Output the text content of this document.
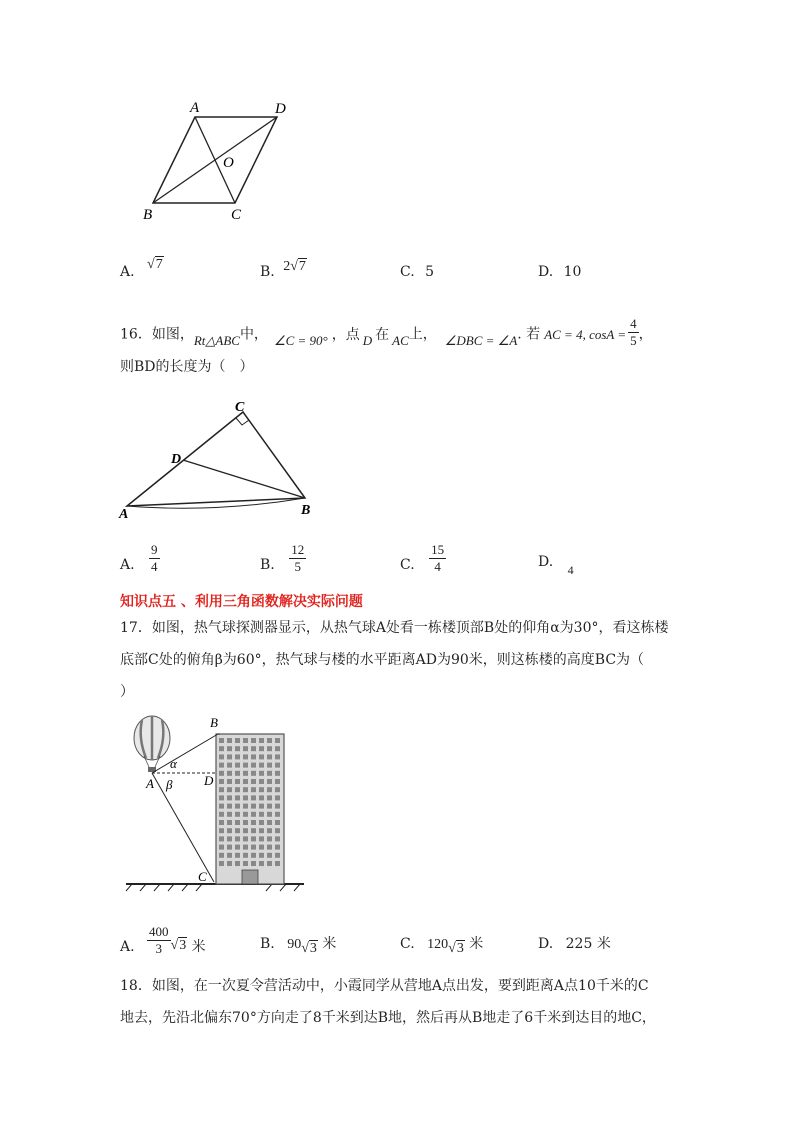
A	D
O
B	C
A. √7	B. 2√7	C. 5	D. 10
16．如图，Rt△ABC中， ∠C = 90° ，点 D 在 AC上， ∠DBC = ∠A. 若 AC = 4, $\cos A = \frac{4}{5}$ ，
则BD的长度为（　）
C
D
A	B
A. $\frac{9}{4}$	B. $\frac{12}{5}$	C. $\frac{15}{4}$	D. 4
知识点五 、利用三角函数解决实际问题
17．如图，热气球探测器显示，从热气球A处看一栋楼顶部B处的仰角α为30°，看这栋楼
底部C处的俯角β为60°，热气球与楼的水平距离AD为90米，则这栋楼的高度BC为（
）
B
α
A β D
C
A. $\frac{400}{3} √3$ 米	B. 90√3 米	C. 120√3 米	D. 225 米
18．如图，在一次夏令营活动中，小霞同学从营地A点出发，要到距离A点10千米的C
地去，先沿北偏东70°方向走了8千米到达B地，然后再从B地走了6千米到达目的地C，
